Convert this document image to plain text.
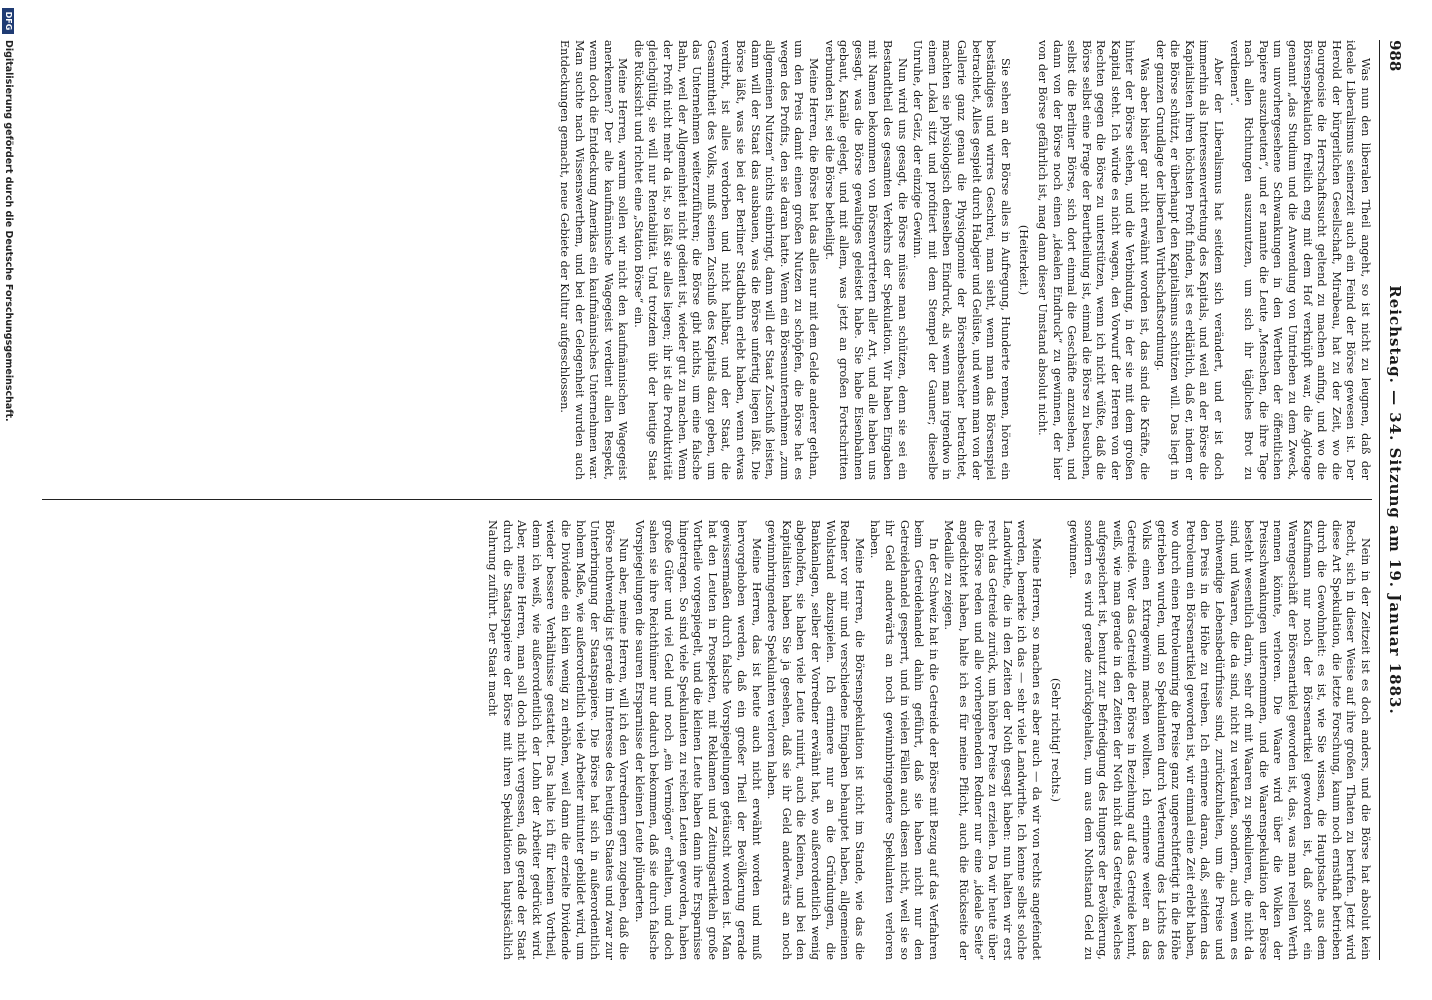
988
Reichstag. — 34. Sitzung am 19. Januar 1883.

Was nun den liberalen Theil angeht, so ist nicht zu leugnen, daß der ideale Liberalismus seinerzeit auch ein Feind der Börse gewesen ist. Der Herold der bürgerlichen Gesellschaft, Mirabeau, hat zu der Zeit, wo die Bourgeoisie die Herrschaftssucht geltend zu machen anfing, und wo die Börsenspekulation freilich eng mit dem Hof verknüpft war, die Agiotage genannt „das Studium und die Anwendung von Umtrieben zu dem Zweck, um unvorhergesehene Schwankungen in den Werthen der öffentlichen Papiere auszubeuten“, und er nannte die Leute „Menschen, die ihre Tage nach allen Richtungen auszunutzen, um sich ihr tägliches Brot zu verdienen“.

Aber der Liberalismus hat seitdem sich verändert, und er ist doch immerhin als Interessenvertretung des Kapitals, und weil an der Börse die Kapitalisten ihren höchsten Profit finden, ist es erklärlich, daß er, indem er die Börse schützt, er überhaupt den Kapitalismus schützen will. Das liegt in der ganzen Grundlage der liberalen Wirthschaftsordnung.

Was aber bisher gar nicht erwähnt worden ist, das sind die Kräfte, die hinter der Börse stehen, und die Verbindung, in der sie mit dem großen Kapital steht. Ich würde es nicht wagen, den Vorwurf der Herren von der Rechten gegen die Börse zu unterstützen, wenn ich nicht wüßte, daß die Börse selbst eine Frage der Beurtheilung ist, einmal die Börse zu besuchen, selbst die Berliner Börse, sich dort einmal die Geschäfte anzusehen, und dann von der Börse noch einen „idealen Eindruck“ zu gewinnen, der hier von der Börse gefährlich ist, mag dann dieser Umstand absolut nicht.

(Heiterkeit.)

Sie sehen an der Börse alles in Aufregung, Hunderte rennen, hören ein beständiges und wirres Geschrei, man sieht, wenn man das Börsenspiel betrachtet, Alles gespielt durch Habgier und Gelüste, und wenn man von der Gallerie ganz genau die Physiognomie der Börsenbesucher betrachtet, machten sie physiologisch denselben Eindruck, als wenn man irgendwo in einem Lokal sitzt und profitiert mit dem Stempel der Gauner; dieselbe Unruhe, der Geiz, der einzige Gewinn.

Nun wird uns gesagt, die Börse müsse man schützen, denn sie sei ein Bestandtheil des gesamten Verkehrs der Spekulation. Wir haben Eingaben mit Namen bekommen von Börsenvertretern aller Art, und alle haben uns gesagt, was die Börse gewaltiges geleistet habe. Sie habe Eisenbahnen gebaut, Kanäle gelegt, und mit allem, was jetzt an großen Fortschritten verbunden ist, sei die Börse betheiligt.

Meine Herren, die Börse hat das alles nur mit dem Gelde anderer gethan, um den Preis damit einen großen Nutzen zu schöpfen, die Börse hat es wegen des Profits, den sie daran hatte. Wenn ein Börsenunternehmen „zum allgemeinen Nutzen“ nichts einbringt, dann will der Staat Zuschuß leisten, dann will der Staat das ausbauen, was die Börse unfertig liegen läßt. Die Börse läßt, was sie bei der Berliner Stadtbahn erlebt haben, wenn etwas verdirbt, ist alles verdorben und nicht haltbar, und der Staat, die Gesammtheit des Volks, muß seinen Zuschuß des Kapitals dazu geben, um das Unternehmen weiterzuführen; die Börse gibt nichts, um eine falsche Bahn, weil der Allgemeinheit nicht gedient ist, wieder gut zu machen. Wenn der Profit nicht mehr da ist, so läßt sie alles liegen; ihr ist die Produktivität gleichgültig, sie will nur Rentabilität. Und trotzdem übt der heutige Staat die Rücksicht und richtet eine „Station Börse“ ein.

Meine Herren, warum sollen wir nicht den kaufmännischen Wagegeist anerkennen? Der alte kaufmännische Wagegeist verdient allen Respekt, wenn doch die Entdeckung Amerikas ein kaufmännisches Unternehmen war. Man suchte nach Wissenswerthem, und bei der Gelegenheit wurden auch Entdeckungen gemacht, neue Gebiete der Kultur aufgeschlossen.

Nein in der Zeitzeit ist es doch anders, und die Börse hat absolut kein Recht, sich in dieser Weise auf ihre großen Thaten zu berufen. Jetzt wird diese Art Spekulation, die letzte Forschung, kaum noch ernsthaft betrieben durch die Gewohnheit: es ist, wie Sie wissen, die Hauptsache aus dem Kaufmann nur noch der Börsenartikel geworden ist, daß sofort ein Warengeschäft der Börsenartikel geworden ist, das, was man reellen Werth nennen könnte, verloren. Die Waare wird über die Wolken der Preisschwankungen unternommen, und die Waarenspekulation der Börse besteht wesentlich darin, sehr oft mit Waaren zu spekulieren, die nicht da sind, und Waaren, die da sind, nicht zu verkaufen, sondern, auch wenn es nothwendige Lebensbedürfnisse sind, zurückzuhalten, um die Preise und den Preis in die Höhe zu treiben. Ich erinnere daran, daß, seitdem das Petroleum ein Börsenartikel geworden ist, wir einmal eine Zeit erlebt haben, wo durch einen Petroleumring die Preise ganz ungerechtfertigt in die Höhe getrieben wurden, und so Spekulanten durch Verteuerung des Lichts des Volks einen Extragewinn machen wollten. Ich erinnere weiter an das Getreide. Wer das Getreide der Börse in Beziehung auf das Getreide kennt, weiß, wie man gerade in den Zeiten der Noth nicht das Getreide, welches aufgespeichert ist, benutzt zur Befriedigung des Hungers der Bevölkerung, sondern es wird gerade zurückgehalten, um aus dem Nothstand Geld zu gewinnen.

(Sehr richtig! rechts.)

Meine Herren, so machen es aber auch — da wir von rechts angefeindet werden, bemerke ich das — sehr viele Landwirthe. Ich kenne selbst solche Landwirthe, die in den Zeiten der Noth gesagt haben: nun halten wir erst recht das Getreide zurück, um höhere Preise zu erzielen. Da wir heute über die Börse reden und alle vorhergehenden Redner nur eine „ideale Seite“ angedichtet haben, halte ich es für meine Pflicht, auch die Rückseite der Medaille zu zeigen.

In der Schweiz hat in die Getreide der Börse mit Bezug auf das Verfahren beim Getreidehandel dahin geführt, daß sie haben nicht nur den Getreidehandel gesperrt, und in vielen Fällen auch diesen nicht, weil sie so ihr Geld anderwärts an noch gewinnbringendere Spekulanten verloren haben.

Meine Herren, die Börsenspekulation ist nicht im Stande, wie das die Redner vor mir und verschiedene Eingaben behauptet haben, allgemeinen Wohlstand abzuspielen. Ich erinnere nur an die Gründungen, die Bankanlagen, selber der Vorredner erwähnt hat, wo außerordentlich wenig abgeholfen, sie haben viele Leute ruinirt, auch die Kleinen, und bei den Kapitalisten haben Sie ja gesehen, daß sie ihr Geld anderwärts an noch gewinnbringendere Spekulanten verloren haben.

Meine Herren, das ist heute auch nicht erwähnt worden und muß hervorgehoben werden, daß ein großer Theil der Bevölkerung gerade gewissermaßen durch falsche Vorspiegelungen getäuscht worden ist. Man hat den Leuten in Prospekten, mit Reklamen und Zeitungsartikeln große Vortheile vorgespiegelt, und die kleinen Leute haben dann ihre Ersparnisse hingetragen. So sind viele Spekulanten zu reichen Leuten geworden, haben große Güter und viel Geld und noch „ein Vermögen“ erhalten, und doch sahen sie ihre Reichthümer nur dadurch bekommen, daß sie durch falsche Vorspiegelungen die sauren Ersparnisse der kleinen Leute plünderten.

Nun aber, meine Herren, will ich den Vorrednern gern zugeben, daß die Börse nothwendig ist gerade im Interesse des heutigen Staates und zwar zur Unterbringung der Staatspapiere. Die Börse hat sich in außerordentlich hohem Maße, wie außerordentlich viele Arbeiter mitunter gebildet wird, um die Dividende ein klein wenig zu erhöhen, weil dann die erzielte Dividende wieder bessere Verhältnisse gestattet. Das halte ich für keinen Vortheil, denn ich weiß, wie außerordentlich der Lohn der Arbeiter gedrückt wird. Aber, meine Herren, man soll doch nicht vergessen, daß gerade der Staat durch die Staatspapiere der Börse mit ihren Spekulationen hauptsächlich Nahrung zuführt. Der Staat macht

DFG
Digitalisierung gefördert durch die Deutsche Forschungsgemeinschaft.
